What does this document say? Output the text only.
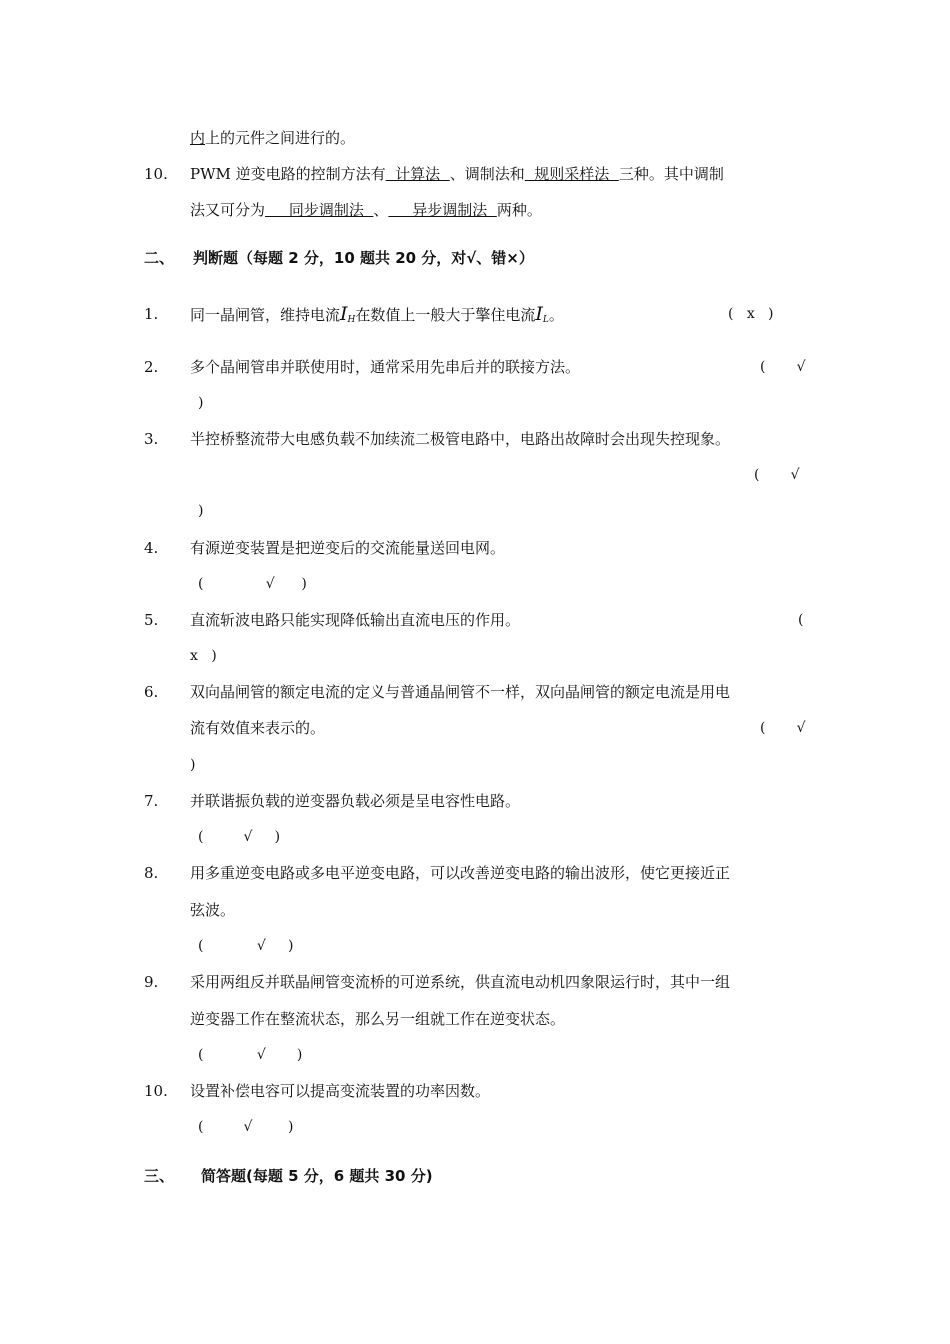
内上的元件之间进行的。
10. PWM 逆变电路的控制方法有  计算法  、调制法和  规则采样法  三种。其中调制
法又可分为     同步调制法  、     异步调制法  两种。
二、 判断题（每题 2 分，10 题共 20 分，对√、错×）
1. 同一晶闸管，维持电流$I_H$在数值上一般大于擎住电流$I_L$。	(   x   )
2. 多个晶闸管串并联使用时，通常采用先串后并的联接方法。	(       √
)
3. 半控桥整流带大电感负载不加续流二极管电路中，电路出故障时会出现失控现象。
(       √
)
4. 有源逆变装置是把逆变后的交流能量送回电网。
(              √      )
5. 直流斩波电路只能实现降低输出直流电压的作用。	(
x   )
6. 双向晶闸管的额定电流的定义与普通晶闸管不一样，双向晶闸管的额定电流是用电
流有效值来表示的。	(       √
)
7. 并联谐振负载的逆变器负载必须是呈电容性电路。
(         √     )
8. 用多重逆变电路或多电平逆变电路，可以改善逆变电路的输出波形，使它更接近正
弦波。
(            √     )
9. 采用两组反并联晶闸管变流桥的可逆系统，供直流电动机四象限运行时，其中一组
逆变器工作在整流状态，那么另一组就工作在逆变状态。
(            √       )
10. 设置补偿电容可以提高变流装置的功率因数。
(         √        )
三、 简答题(每题 5 分，6 题共 30 分)
